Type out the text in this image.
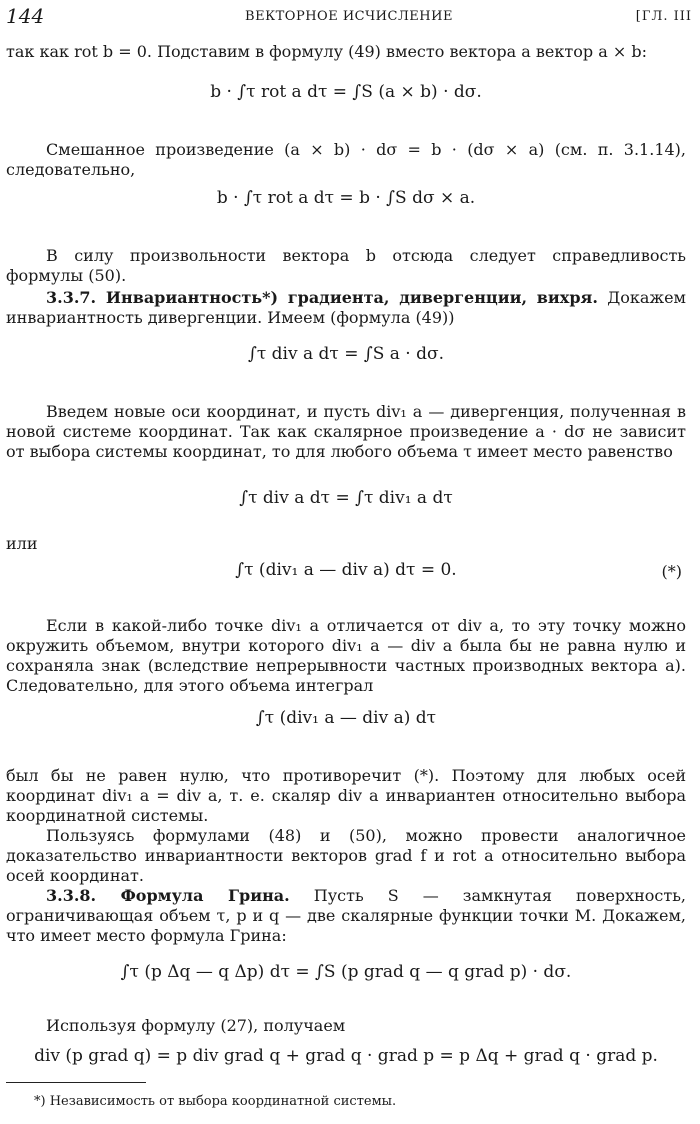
144	ВЕКТОРНОЕ ИСЧИСЛЕНИЕ	[ГЛ. III
так как rot b = 0. Подставим в формулу (49) вместо вектора a вектор a × b:
b · ∫τ rot a dτ = ∫S (a × b) · dσ.
Смешанное произведение (a × b) · dσ = b · (dσ × a) (см. п. 3.1.14), следовательно,
b · ∫τ rot a dτ = b · ∫S dσ × a.
В силу произвольности вектора b отсюда следует справедливость формулы (50).
3.3.7. Инвариантность*) градиента, дивергенции, вихря. Докажем инвариантность дивергенции. Имеем (формула (49))
∫τ div a dτ = ∫S a · dσ.
Введем новые оси координат, и пусть div₁ a — дивергенция, полученная в новой системе координат. Так как скалярное произведение a · dσ не зависит от выбора системы координат, то для любого объема τ имеет место равенство
∫τ div a dτ = ∫τ div₁ a dτ
или
∫τ (div₁ a — div a) dτ = 0.	(*)
Если в какой-либо точке div₁ a отличается от div a, то эту точку можно окружить объемом, внутри которого div₁ a — div a была бы не равна нулю и сохраняла знак (вследствие непрерывности частных производных вектора a). Следовательно, для этого объема интеграл
∫τ (div₁ a — div a) dτ
был бы не равен нулю, что противоречит (*). Поэтому для любых осей координат div₁ a = div a, т. е. скаляр div a инвариантен относительно выбора координатной системы.
Пользуясь формулами (48) и (50), можно провести аналогичное доказательство инвариантности векторов grad f и rot a относительно выбора осей координат.
3.3.8. Формула Грина. Пусть S — замкнутая поверхность, ограничивающая объем τ, p и q — две скалярные функции точки M. Докажем, что имеет место формула Грина:
∫τ (p Δq — q Δp) dτ = ∫S (p grad q — q grad p) · dσ.
Используя формулу (27), получаем
div (p grad q) = p div grad q + grad q · grad p = p Δq + grad q · grad p.
*) Независимость от выбора координатной системы.
